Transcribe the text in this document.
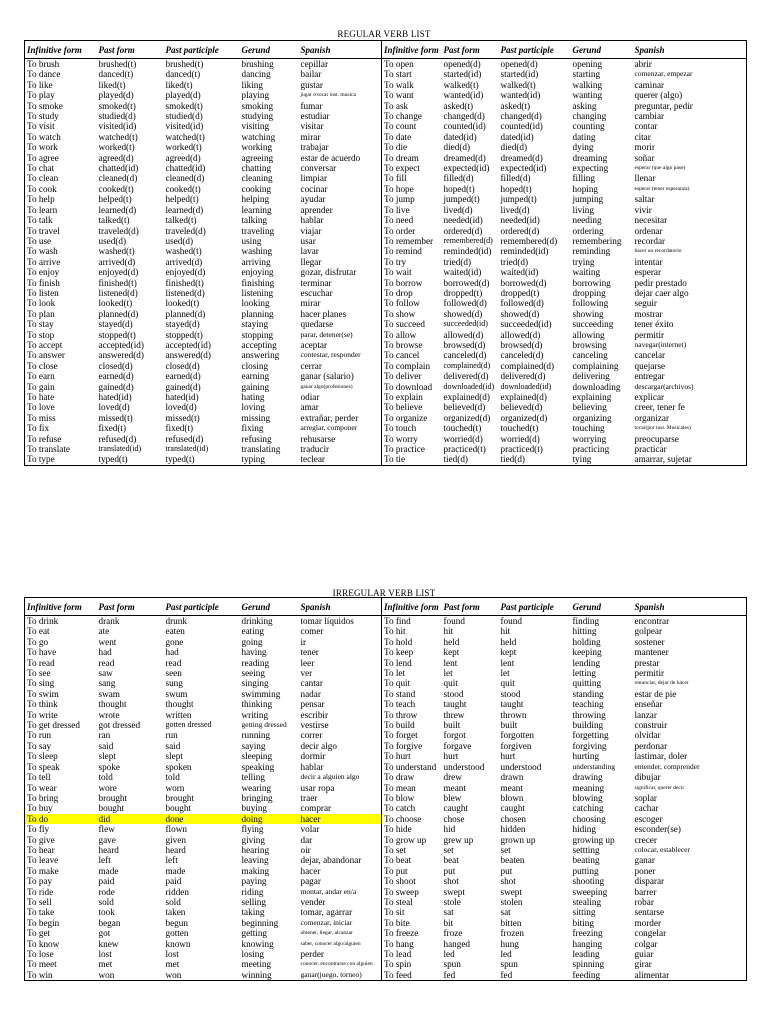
REGULAR VERB LIST
Infinitive form	Past form	Past participle	Gerund	Spanish	Infinitive form	Past form	Past participle	Gerund	Spanish
To brush	brushed(t)	brushed(t)	brushing	cepillar	To open	opened(d)	opened(d)	opening	abrir
To dance	danced(t)	danced(t)	dancing	bailar	To start	started(id)	started(id)	starting	comenzar, empezar
To like	liked(t)	liked(t)	liking	gustar	To walk	walked(t)	walked(t)	walking	caminar
To play	played(d)	played(d)	playing	jugar ó tocar inst. musica	To want	wanted(id)	wanted(id)	wanting	querer (algo)
To smoke	smoked(t)	smoked(t)	smoking	fumar	To ask	asked(t)	asked(t)	asking	preguntar, pedir
To study	studied(d)	studied(d)	studying	estudiar	To change	changed(d)	changed(d)	changing	cambiar
To visit	visited(id)	visited(id)	visiting	visitar	To count	counted(id)	counted(id)	counting	contar
To watch	watched(t)	watched(t)	watching	mirar	To date	dated(id)	dated(id)	dating	citar
To work	worked(t)	worked(t)	working	trabajar	To die	died(d)	died(d)	dying	morir
To agree	agreed(d)	agreed(d)	agreeing	estar de acuerdo	To dream	dreamed(d)	dreamed(d)	dreaming	soñar
To chat	chatted(id)	chatted(id)	chatting	conversar	To expect	expected(id)	expected(id)	expecting	esperar (que algo pase)
To clean	cleaned(d)	cleaned(d)	cleaning	limpiar	To fill	filled(d)	filled(d)	filling	llenar
To cook	cooked(t)	cooked(t)	cooking	cocinar	To hope	hoped(t)	hoped(t)	hoping	esperar (tener esperanza)
To help	helped(t)	helped(t)	helping	ayudar	To jump	jumped(t)	jumped(t)	jumping	saltar
To learn	learned(d)	learned(d)	learning	aprender	To live	lived(d)	lived(d)	living	vivir
To talk	talked(t)	talked(t)	talking	hablar	To need	needed(id)	needed(id)	needing	necesitar
To travel	traveled(d)	traveled(d)	traveling	viajar	To order	ordered(d)	ordered(d)	ordering	ordenar
To use	used(d)	used(d)	using	usar	To remember	remembered(d)	remembered(d)	remembering	recordar
To wash	washed(t)	washed(t)	washing	lavar	To remind	reminded(id)	reminded(id)	reminding	hacer un recordatorio
To arrive	arrived(d)	arrived(d)	arriving	llegar	To try	tried(d)	tried(d)	trying	intentar
To enjoy	enjoyed(d)	enjoyed(d)	enjoying	gozar, disfrutar	To wait	waited(id)	waited(id)	waiting	esperar
To finish	finished(t)	finished(t)	finishing	terminar	To borrow	borrowed(d)	borrowed(d)	borrowing	pedir prestado
To listen	listened(d)	listened(d)	listening	escuchar	To drop	dropped(t)	dropped(t)	dropping	dejar caer algo
To look	looked(t)	looked(t)	looking	mirar	To follow	followed(d)	followed(d)	following	seguir
To plan	planned(d)	planned(d)	planning	hacer planes	To show	showed(d)	showed(d)	showing	mostrar
To stay	stayed(d)	stayed(d)	staying	quedarse	To succeed	succeeded(id)	succeeded(id)	succeeding	tener éxito
To stop	stopped(t)	stopped(t)	stopping	parar, detener(se)	To allow	allowed(d)	allowed(d)	allowing	permitir
To accept	accepted(id)	accepted(id)	accepting	aceptar	To browse	browsed(d)	browsed(d)	browsing	navegar(internet)
To answer	answered(d)	answered(d)	answering	contestar, responder	To cancel	canceled(d)	canceled(d)	canceling	cancelar
To close	closed(d)	closed(d)	closing	cerrar	To complain	complained(d)	complained(d)	complaining	quejarse
To earn	earned(d)	earned(d)	earning	ganar (salario)	To deliver	delivered(d)	delivered(d)	delivering	entregar
To gain	gained(d)	gained(d)	gaining	ganar algo(profesiones)	To download	downloaded(id)	downloaded(id)	downloading	descargar(archivos)
To hate	hated(id)	hated(id)	hating	odiar	To explain	explained(d)	explained(d)	explaining	explicar
To love	loved(d)	loved(d)	loving	amar	To believe	believed(d)	believed(d)	believing	creer, tener fe
To miss	missed(t)	missed(t)	missing	extrañar, perder	To organize	organized(d)	organized(d)	organizing	organizar
To fix	fixed(t)	fixed(t)	fixing	arreglar, componer	To touch	touched(t)	touched(t)	touching	tocar(por inst. Musicales)
To refuse	refused(d)	refused(d)	refusing	rehusarse	To worry	worried(d)	worried(d)	worrying	preocuparse
To translate	translated(id)	translated(id)	translating	traducir	To practice	practiced(t)	practiced(t)	practicing	practicar
To type	typed(t)	typed(t)	typing	teclear	To tie	tied(d)	tied(d)	tying	amarrar, sujetar
IRREGULAR VERB LIST
Infinitive form	Past form	Past participle	Gerund	Spanish	Infinitive form	Past form	Past participle	Gerund	Spanish
To drink	drank	drunk	drinking	tomar líquidos	To find	found	found	finding	encontrar
To eat	ate	eaten	eating	comer	To hit	hit	hit	hitting	golpear
To go	went	gone	going	ir	To hold	held	held	holding	sostener
To have	had	had	having	tener	To keep	kept	kept	keeping	mantener
To read	read	read	reading	leer	To lend	lent	lent	lending	prestar
To see	saw	seen	seeing	ver	To let	let	let	letting	permitir
To sing	sang	sung	singing	cantar	To quit	quit	quit	quitting	renunciar, dejar de hacer
To swim	swam	swum	swimming	nadar	To stand	stood	stood	standing	estar de pie
To think	thought	thought	thinking	pensar	To teach	taught	taught	teaching	enseñar
To write	wrote	written	writing	escribir	To throw	threw	thrown	throwing	lanzar
To get dressed	got dressed	gotten dressed	getting dressed	vestirse	To build	built	built	building	construir
To run	ran	run	running	correr	To forget	forgot	forgotten	forgetting	olvidar
To say	said	said	saying	decir algo	To forgive	forgave	forgiven	forgiving	perdonar
To sleep	slept	slept	sleeping	dormir	To hurt	hurt	hurt	hurting	lastimar, doler
To speak	spoke	spoken	speaking	hablar	To understand	understood	understood	understanding	entender, comprender
To tell	told	told	telling	decir a alguien algo	To draw	drew	drawn	drawing	dibujar
To wear	wore	worn	wearing	usar ropa	To mean	meant	meant	meaning	significar, querer decir
To bring	brought	brought	bringing	traer	To blow	blew	blown	blowing	soplar
To buy	bought	bought	buying	comprar	To catch	caught	caught	catching	cachar
To do	did	done	doing	hacer	To choose	chose	chosen	choosing	escoger
To fly	flew	flown	flying	volar	To hide	hid	hidden	hiding	esconder(se)
To give	gave	given	giving	dar	To grow up	grew up	grown up	growing up	crecer
To hear	heard	heard	hearing	oir	To set	set	set	settting	colocar, establecer
To leave	left	left	leaving	dejar, abandonar	To beat	beat	beaten	beating	ganar
To make	made	made	making	hacer	To put	put	put	putting	poner
To pay	paid	paid	paying	pagar	To shoot	shot	shot	shooting	disparar
To ride	rode	ridden	riding	montar, andar en/a	To sweep	swept	swept	sweeping	barrer
To sell	sold	sold	selling	vender	To steal	stole	stolen	stealing	robar
To take	took	taken	taking	tomar, agarrar	To sit	sat	sat	sitting	sentarse
To begin	began	begun	beginning	comenzar, iniciar	To bite	bit	bitten	biting	morder
To get	got	gotten	getting	obtener, llegar, alcanzar	To freeze	froze	frozen	freezing	congelar
To know	knew	known	knowing	saber, conocer algo/alguien	To hang	hanged	hung	hanging	colgar
To lose	lost	lost	losing	perder	To lead	led	led	leading	guiar
To meet	met	met	meeting	conocer, encontrarse con alguien	To spin	spun	spun	spinning	girar
To win	won	won	winning	ganar(juego, torneo)	To feed	fed	fed	feeding	alimentar
